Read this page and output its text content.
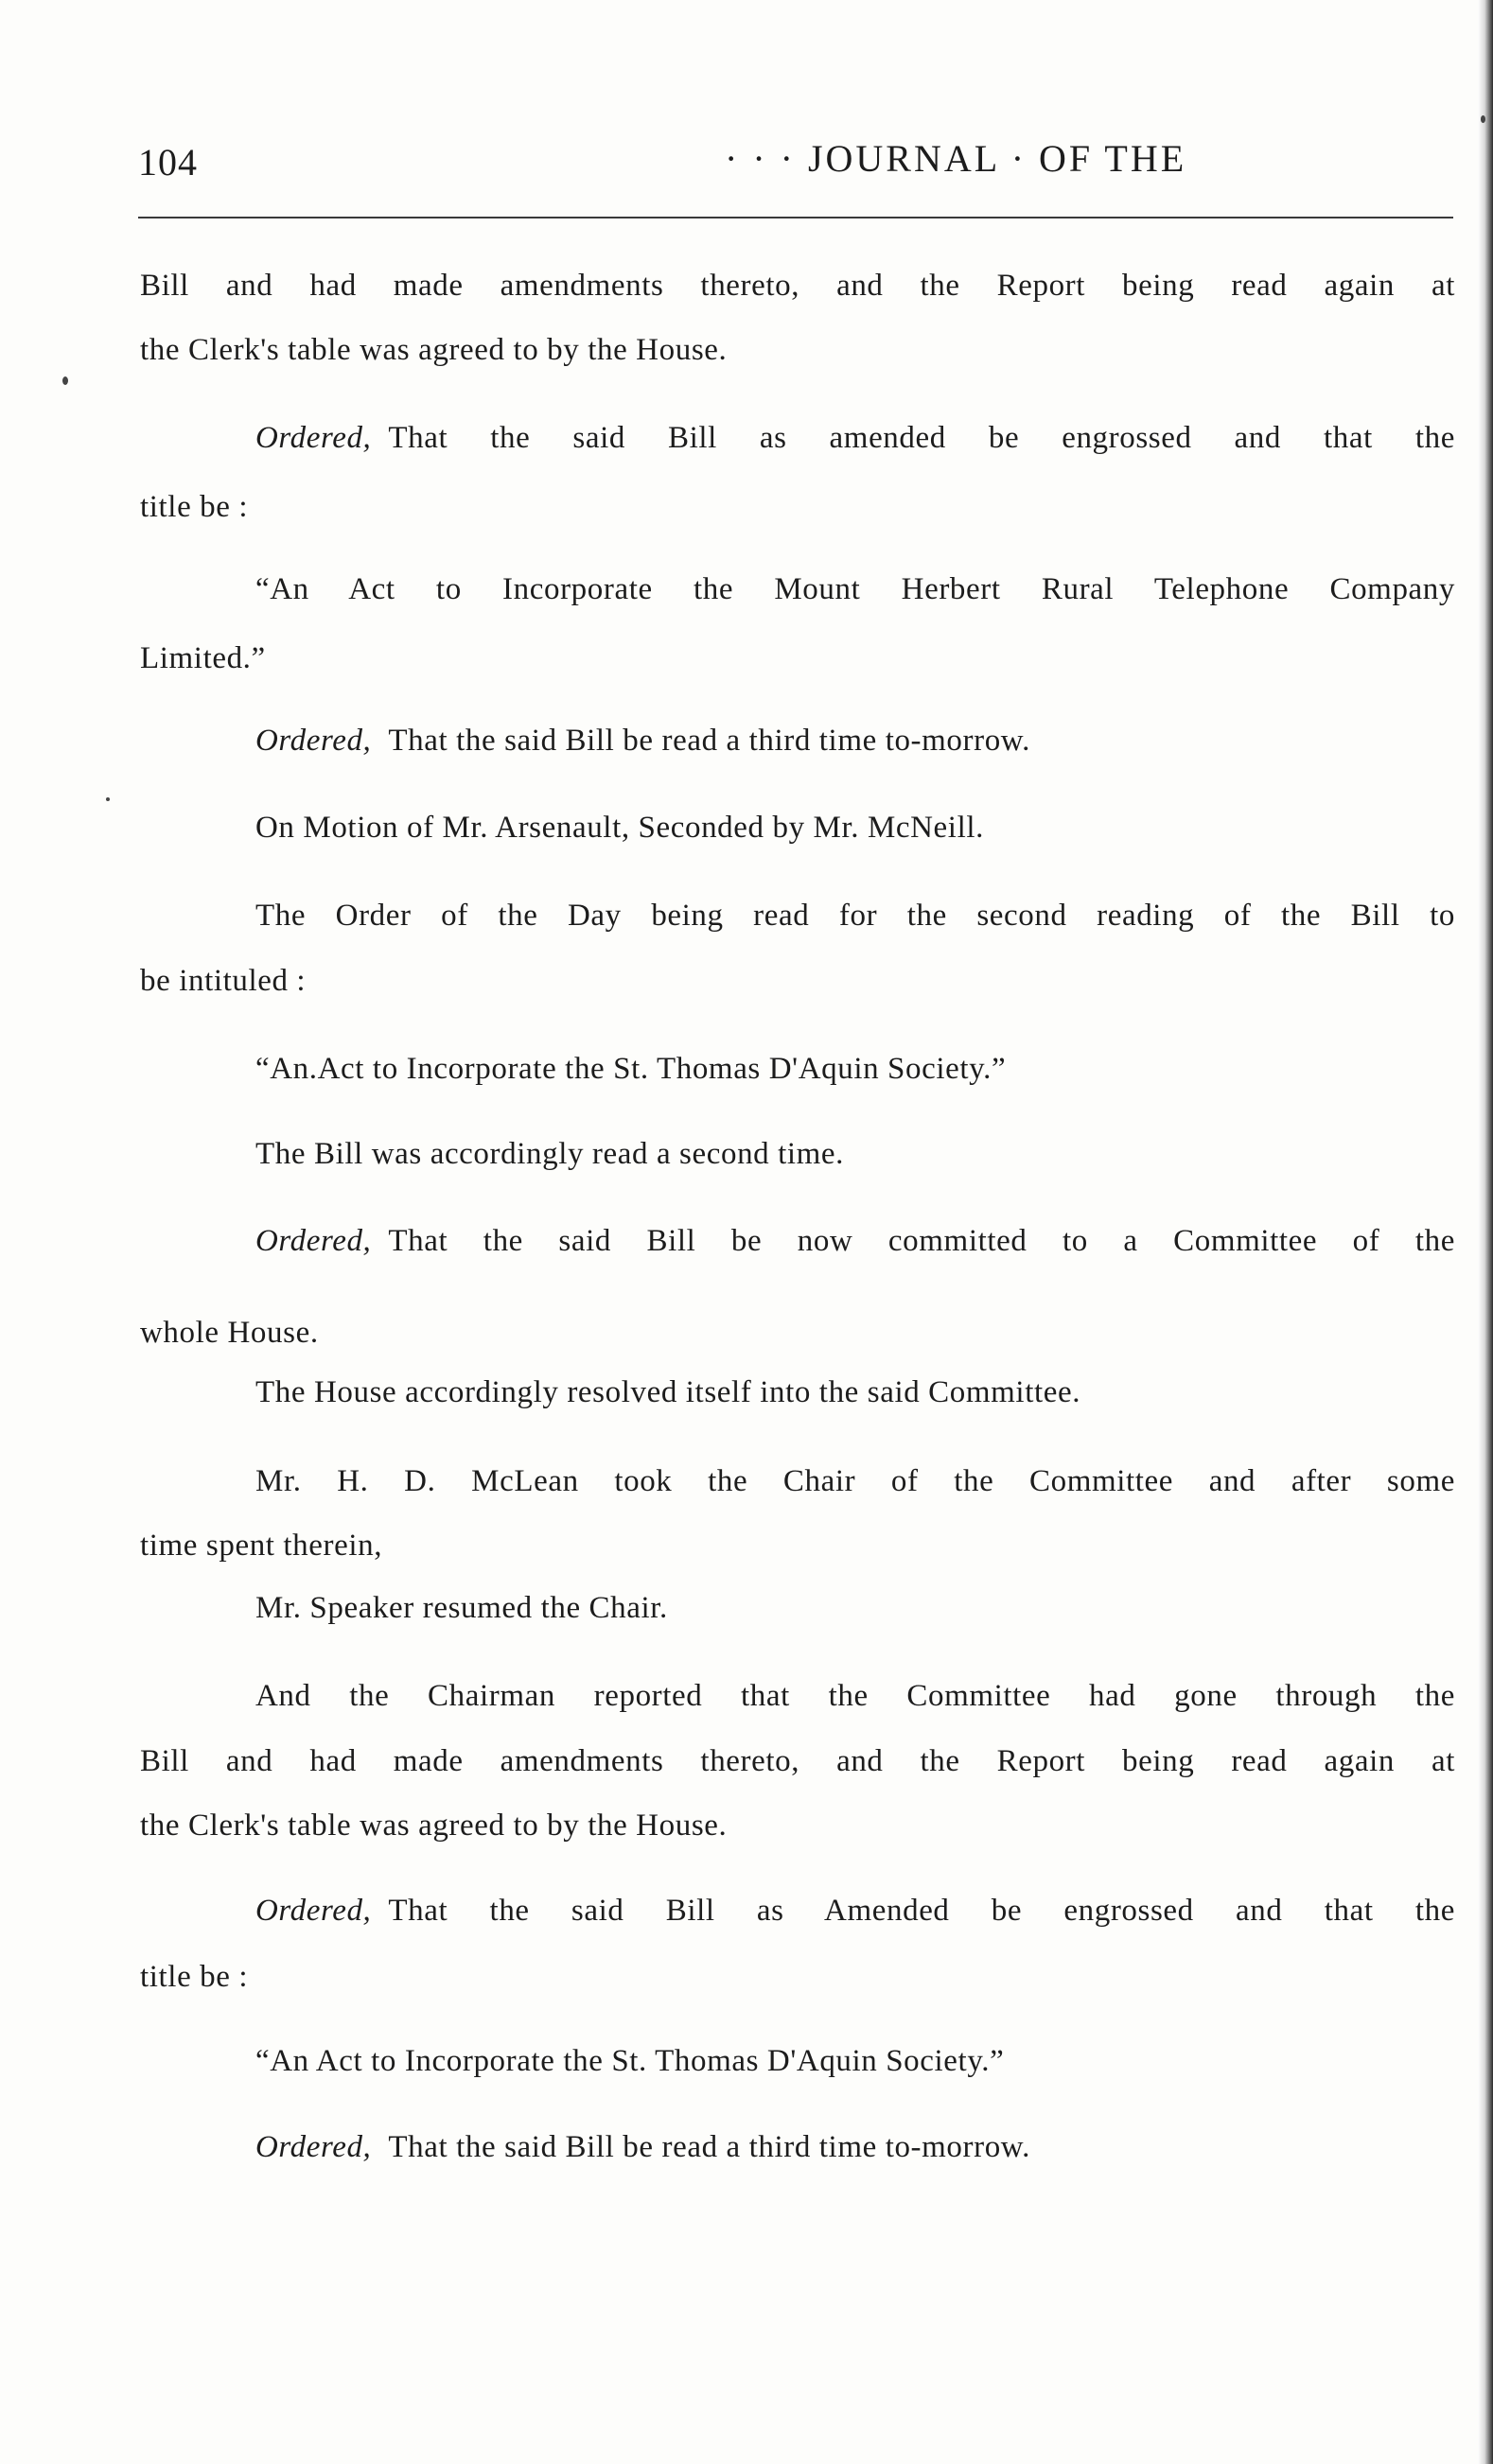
104	· · · JOURNAL · OF THE
Bill and had made amendments thereto, and the Report being read again at
the Clerk's table was agreed to by the House.
Ordered, That the said Bill as amended be engrossed and that the
title be :
“An Act to Incorporate the Mount Herbert Rural Telephone Company
Limited.”
Ordered, That the said Bill be read a third time to-morrow.
On Motion of Mr. Arsenault, Seconded by Mr. McNeill.
The Order of the Day being read for the second reading of the Bill to
be intituled :
“An.Act to Incorporate the St. Thomas D'Aquin Society.”
The Bill was accordingly read a second time.
Ordered, That the said Bill be now committed to a Committee of the
whole House.
The House accordingly resolved itself into the said Committee.
Mr. H. D. McLean took the Chair of the Committee and after some
time spent therein,
Mr. Speaker resumed the Chair.
And the Chairman reported that the Committee had gone through the
Bill and had made amendments thereto, and the Report being read again at
the Clerk's table was agreed to by the House.
Ordered, That the said Bill as Amended be engrossed and that the
title be :
“An Act to Incorporate the St. Thomas D'Aquin Society.”
Ordered, That the said Bill be read a third time to-morrow.
